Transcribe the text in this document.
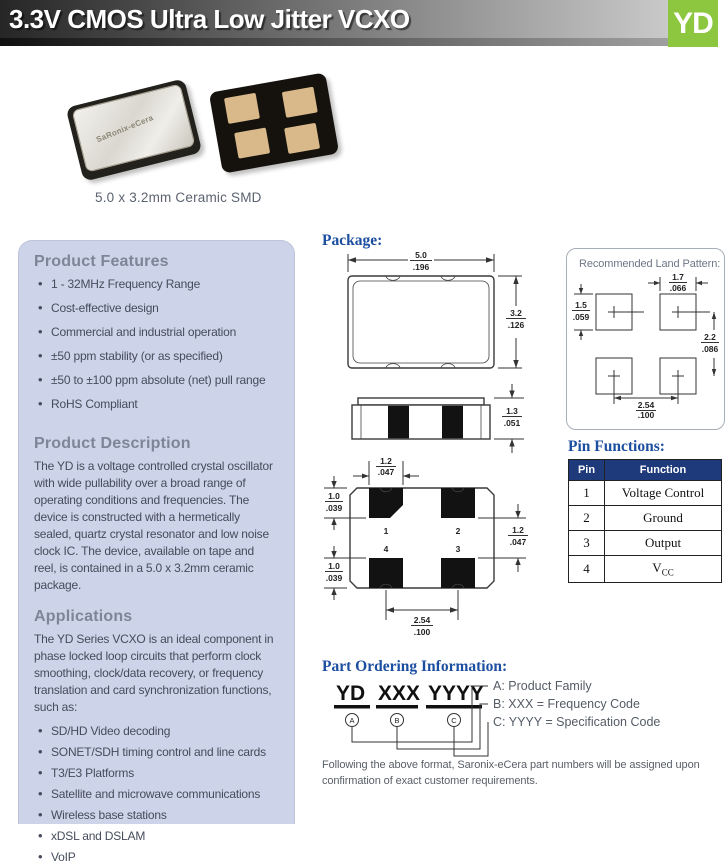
3.3V CMOS Ultra Low Jitter VCXO	YD
SaRonix-eCera
5.0 x 3.2mm Ceramic SMD
Product Features
• 1 - 32MHz Frequency Range
• Cost-effective design
• Commercial and industrial operation
• ±50 ppm stability (or as specified)
• ±50 to ±100 ppm absolute (net) pull range
• RoHS Compliant
Product Description
The YD is a voltage controlled crystal oscillator with wide pullability over a broad range of operating conditions and frequencies. The device is constructed with a hermetically sealed, quartz crystal resonator and low noise clock IC. The device, available on tape and reel, is contained in a 5.0 x 3.2mm ceramic package.
Applications
The YD Series VCXO is an ideal component in phase locked loop circuits that perform clock smoothing, clock/data recovery, or frequency translation and card synchronization functions, such as:
• SD/HD Video decoding
• SONET/SDH timing control and line cards
• T3/E3 Platforms
• Satellite and microwave communications
• Wireless base stations
• xDSL and DSLAM
• VoIP
Package:
5.0
.196
3.2
.126
1.3
.051
1	2
4	3
1.2
.047
1.0
.039
1.0
.039
1.2
.047
2.54
.100
Recommended Land Pattern:
1.7
.066
1.5
.059
2.2
.086
2.54
.100
Pin Functions:
Pin	Function
1	Voltage Control
2	Ground
3	Output
4	$V_{CC}$
Part Ordering Information:
YD XXX YYYY
A	B	C
A: Product Family
B: XXX = Frequency Code
C: YYYY = Specification Code
Following the above format, Saronix-eCera part numbers will be assigned upon confirmation of exact customer requirements.
